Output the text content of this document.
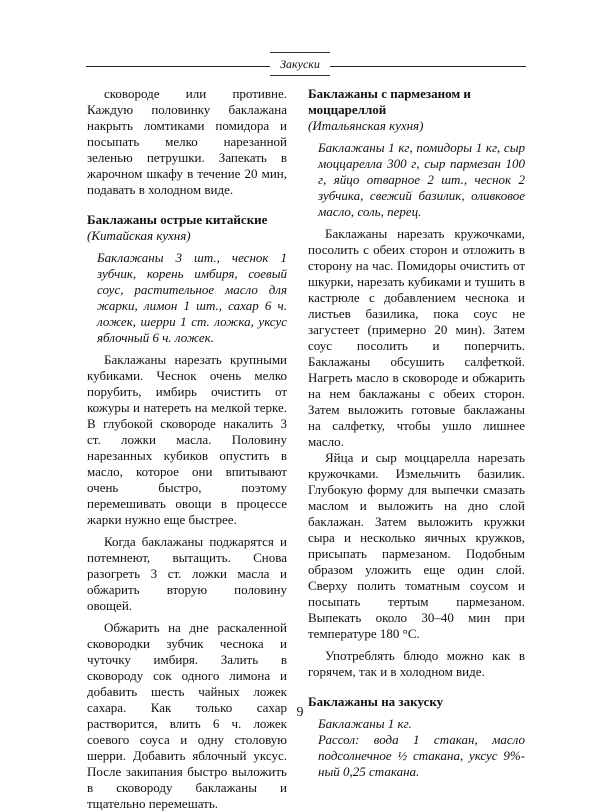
Закуски

сковороде или противне. Каждую половинку баклажана накрыть ломтиками помидора и посыпать мелко нарезанной зеленью петрушки. Запекать в жарочном шкафу в течение 20 мин, подавать в холодном виде.

Баклажаны острые китайские

(Китайская кухня)

Баклажаны 3 шт., чеснок 1 зубчик, корень имбиря, соевый соус, растительное масло для жарки, лимон 1 шт., сахар 6 ч. ложек, шерри 1 ст. ложка, уксус яблочный 6 ч. ложек.

Баклажаны нарезать крупными кубиками. Чеснок очень мелко порубить, имбирь очистить от кожуры и натереть на мелкой терке. В глубокой сковороде накалить 3 ст. ложки масла. Половину нарезанных кубиков опустить в масло, которое они впитывают очень быстро, поэтому перемешивать овощи в процессе жарки нужно еще быстрее.

Когда баклажаны поджарятся и потемнеют, вытащить. Снова разогреть 3 ст. ложки масла и обжарить вторую половину овощей.

Обжарить на дне раскаленной сковородки зубчик чеснока и чуточку имбиря. Залить в сковороду сок одного лимона и добавить шесть чайных ложек сахара. Как только сахар растворится, влить 6 ч. ложек соевого соуса и одну столовую шерри. Добавить яблочный уксус. После закипания быстро выложить в сковороду баклажаны и тщательно перемешать.

Баклажаны с пармезаном и моццареллой

(Итальянская кухня)

Баклажаны 1 кг, помидоры 1 кг, сыр моццарелла 300 г, сыр пармезан 100 г, яйцо отварное 2 шт., чеснок 2 зубчика, свежий базилик, оливковое масло, соль, перец.

Баклажаны нарезать кружочками, посолить с обеих сторон и отложить в сторону на час. Помидоры очистить от шкурки, нарезать кубиками и тушить в кастрюле с добавлением чеснока и листьев базилика, пока соус не загустеет (примерно 20 мин). Затем соус посолить и поперчить. Баклажаны обсушить салфеткой. Нагреть масло в сковороде и обжарить на нем баклажаны с обеих сторон. Затем выложить готовые баклажаны на салфетку, чтобы ушло лишнее масло.

Яйца и сыр моццарелла нарезать кружочками. Измельчить базилик. Глубокую форму для выпечки смазать маслом и выложить на дно слой баклажан. Затем выложить кружки сыра и несколько яичных кружков, присыпать пармезаном. Подобным образом уложить еще один слой. Сверху полить томатным соусом и посыпать тертым пармезаном. Выпекать около 30–40 мин при температуре 180 °С.

Употреблять блюдо можно как в горячем, так и в холодном виде.

Баклажаны на закуску

Баклажаны 1 кг.

Рассол: вода 1 стакан, масло подсолнечное ½ стакана, уксус 9%-ный 0,25 стакана.

9
